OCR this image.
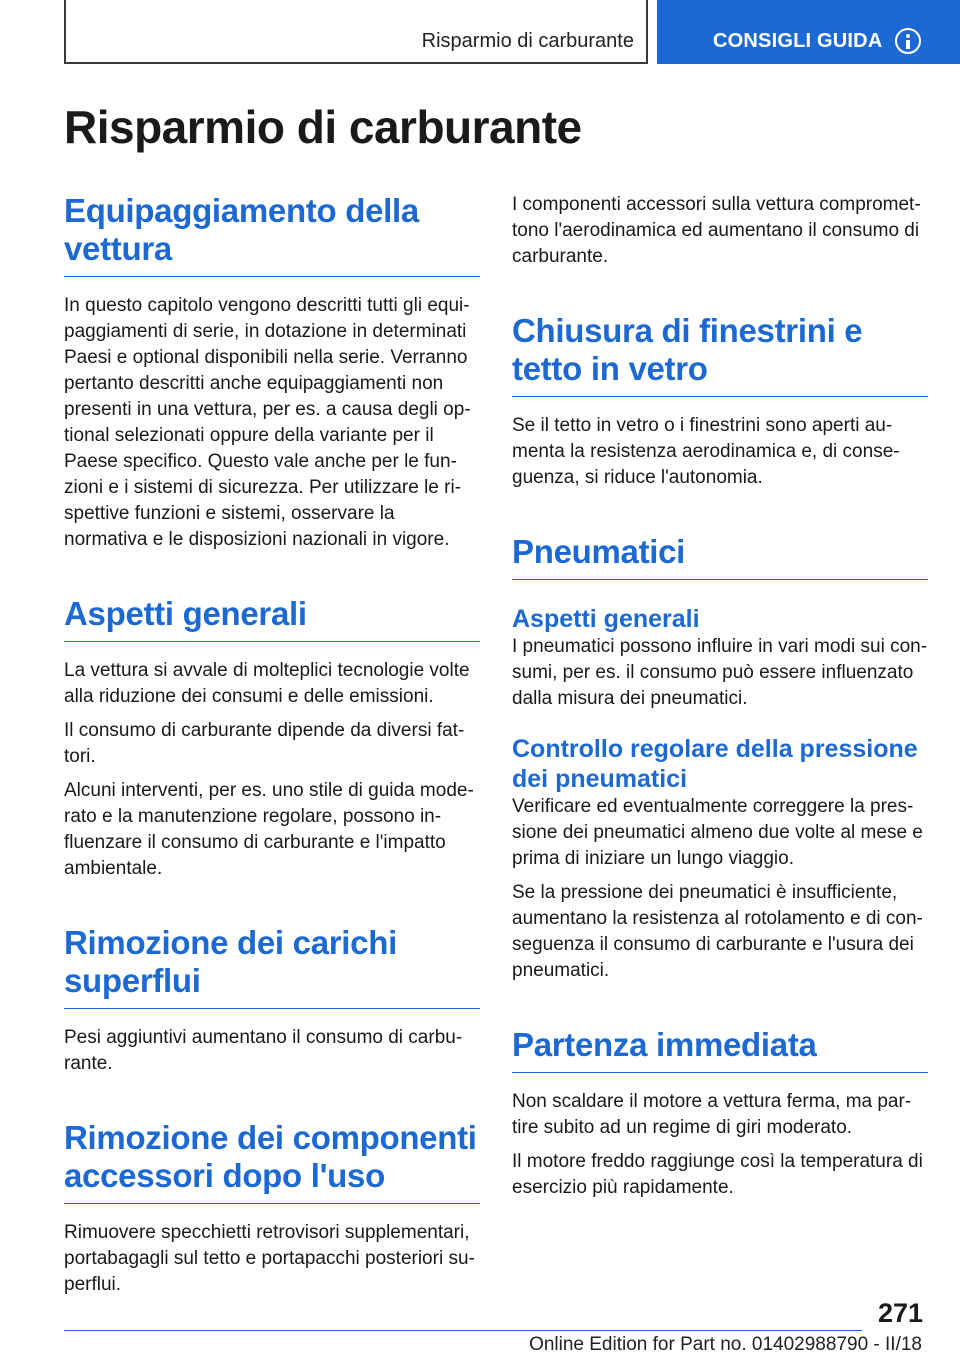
Risparmio di carburante	CONSIGLI GUIDA
Risparmio di carburante
Equipaggiamento della vettura

In questo capitolo vengono descritti tutti gli equipaggiamenti di serie, in dotazione in determinati Paesi e optional disponibili nella serie. Verranno pertanto descritti anche equipaggiamenti non presenti in una vettura, per es. a causa degli optional selezionati oppure della variante per il Paese specifico. Questo vale anche per le funzioni e i sistemi di sicurezza. Per utilizzare le rispettive funzioni e sistemi, osservare la normativa e le disposizioni nazionali in vigore.

Aspetti generali

La vettura si avvale di molteplici tecnologie volte alla riduzione dei consumi e delle emissioni.

Il consumo di carburante dipende da diversi fattori.

Alcuni interventi, per es. uno stile di guida moderato e la manutenzione regolare, possono influenzare il consumo di carburante e l'impatto ambientale.

Rimozione dei carichi superflui

Pesi aggiuntivi aumentano il consumo di carburante.

Rimozione dei componenti accessori dopo l'uso

Rimuovere specchietti retrovisori supplementari, portabagagli sul tetto e portapacchi posteriori superflui.

I componenti accessori sulla vettura compromettono l'aerodinamica ed aumentano il consumo di carburante.

Chiusura di finestrini e tetto in vetro

Se il tetto in vetro o i finestrini sono aperti aumenta la resistenza aerodinamica e, di conseguenza, si riduce l'autonomia.

Pneumatici
Aspetti generali

I pneumatici possono influire in vari modi sui consumi, per es. il consumo può essere influenzato dalla misura dei pneumatici.

Controllo regolare della pressione dei pneumatici

Verificare ed eventualmente correggere la pressione dei pneumatici almeno due volte al mese e prima di iniziare un lungo viaggio.

Se la pressione dei pneumatici è insufficiente, aumentano la resistenza al rotolamento e di conseguenza il consumo di carburante e l'usura dei pneumatici.

Partenza immediata

Non scaldare il motore a vettura ferma, ma partire subito ad un regime di giri moderato.

Il motore freddo raggiunge così la temperatura di esercizio più rapidamente.

271
Online Edition for Part no. 01402988790 - II/18
